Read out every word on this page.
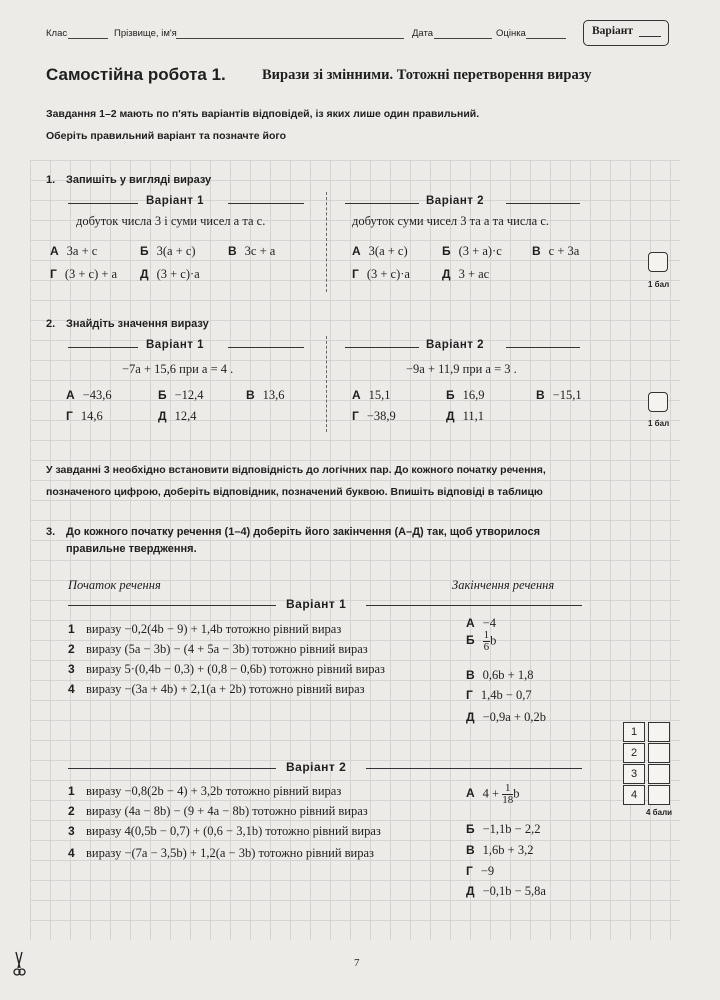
Клас	Прізвище, ім'я	Дата	Оцінка	Варіант
Самостійна робота 1. Вирази зі змінними. Тотожні перетворення виразу
Завдання 1–2 мають по п'ять варіантів відповідей, із яких лише один правильний.
Оберіть правильний варіант та позначте його
1. Запишіть у вигляді виразу
Варіант 1
добуток числа 3 і суми чисел a та c.
А 3a + c	Б 3(a + c)	В 3c + a
Г (3 + c) + a Д (3 + c)·a
Варіант 2
добуток суми чисел 3 та a та числа c.
А 3(a + c)	Б (3 + a)·c	В c + 3a
Г (3 + c)·a	Д 3 + ac
1 бал
2. Знайдіть значення виразу
Варіант 1
−7a + 15,6 при a = 4 .
А −43,6	Б −12,4	В 13,6
Г 14,6	Д 12,4
Варіант 2
−9a + 11,9 при a = 3 .
А 15,1	Б 16,9	В −15,1
Г −38,9	Д 11,1
1 бал
У завданні 3 необхідно встановити відповідність до логічних пар. До кожного початку речення,
позначеного цифрою, доберіть відповідник, позначений буквою. Впишіть відповіді в таблицю
3. До кожного початку речення (1–4) доберіть його закінчення (А–Д) так, щоб утворилося
правильне твердження.
Початок речення	Закінчення речення
Варіант 1
1 виразу −0,2(4b − 9) + 1,4b тотожно рівний вираз
2 виразу (5a − 3b) − (4 + 5a − 3b) тотожно рівний вираз
3 виразу 5·(0,4b − 0,3) + (0,8 − 0,6b) тотожно рівний вираз
4 виразу −(3a + 4b) + 2,1(a + 2b) тотожно рівний вираз
А −4
Б $\frac{1}{6}$ b
В 0,6b + 1,8
Г 1,4b − 0,7
Д −0,9a + 0,2b
1
2
3
4
4 бали
Варіант 2
1 виразу −0,8(2b − 4) + 3,2b тотожно рівний вираз
2 виразу (4a − 8b) − (9 + 4a − 8b) тотожно рівний вираз
3 виразу 4(0,5b − 0,7) + (0,6 − 3,1b) тотожно рівний вираз
4 виразу −(7a − 3,5b) + 1,2(a − 3b) тотожно рівний вираз
А $4 + \frac{1}{18}$ b
Б −1,1b − 2,2
В 1,6b + 3,2
Г −9
Д −0,1b − 5,8a
7
